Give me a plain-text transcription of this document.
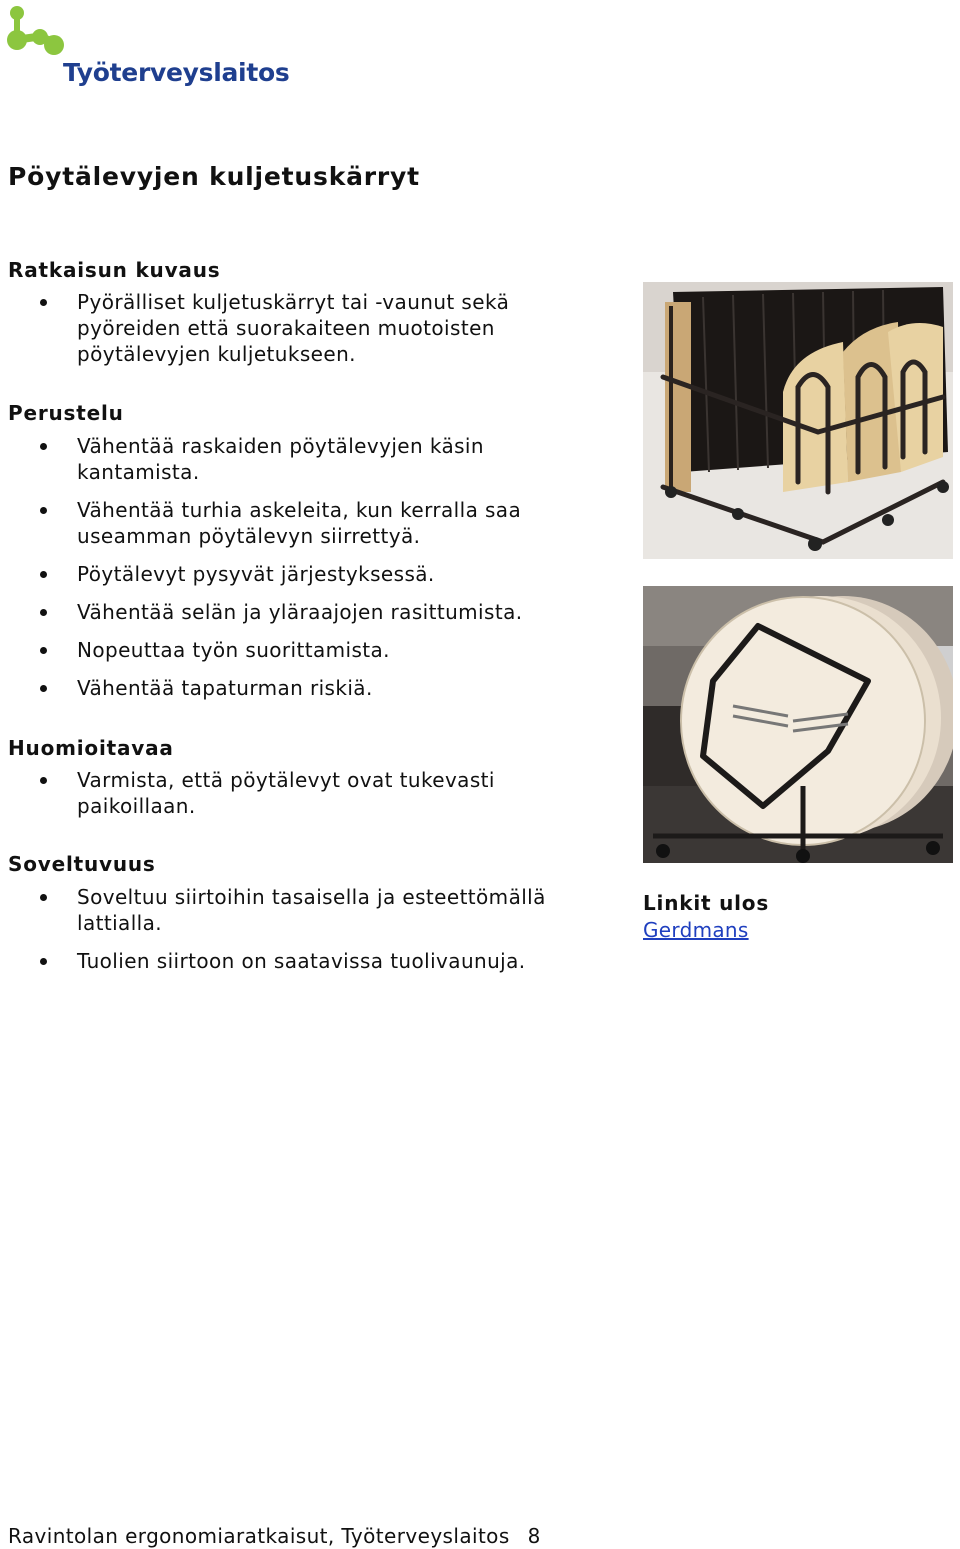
Työterveyslaitos
Pöytälevyjen kuljetuskärryt
Ratkaisun kuvaus
Pyörälliset kuljetuskärryt tai -vaunut sekä pyöreiden että suorakaiteen muotoisten pöytälevyjen kuljetukseen.
Perustelu
Vähentää raskaiden pöytälevyjen käsin kantamista.
Vähentää turhia askeleita, kun kerralla saa useamman pöytälevyn siirrettyä.
Pöytälevyt pysyvät järjestyksessä.
Vähentää selän ja yläraajojen rasittumista.
Nopeuttaa työn suorittamista.
Vähentää tapaturman riskiä.
Huomioitavaa
Varmista, että pöytälevyt ovat tukevasti paikoillaan.
Soveltuvuus
Soveltuu siirtoihin tasaisella ja esteettömällä lattialla.
Tuolien siirtoon on saatavissa tuolivaunuja.
Linkit ulos
Gerdmans
Ravintolan ergonomiaratkaisut, Työterveyslaitos 8
